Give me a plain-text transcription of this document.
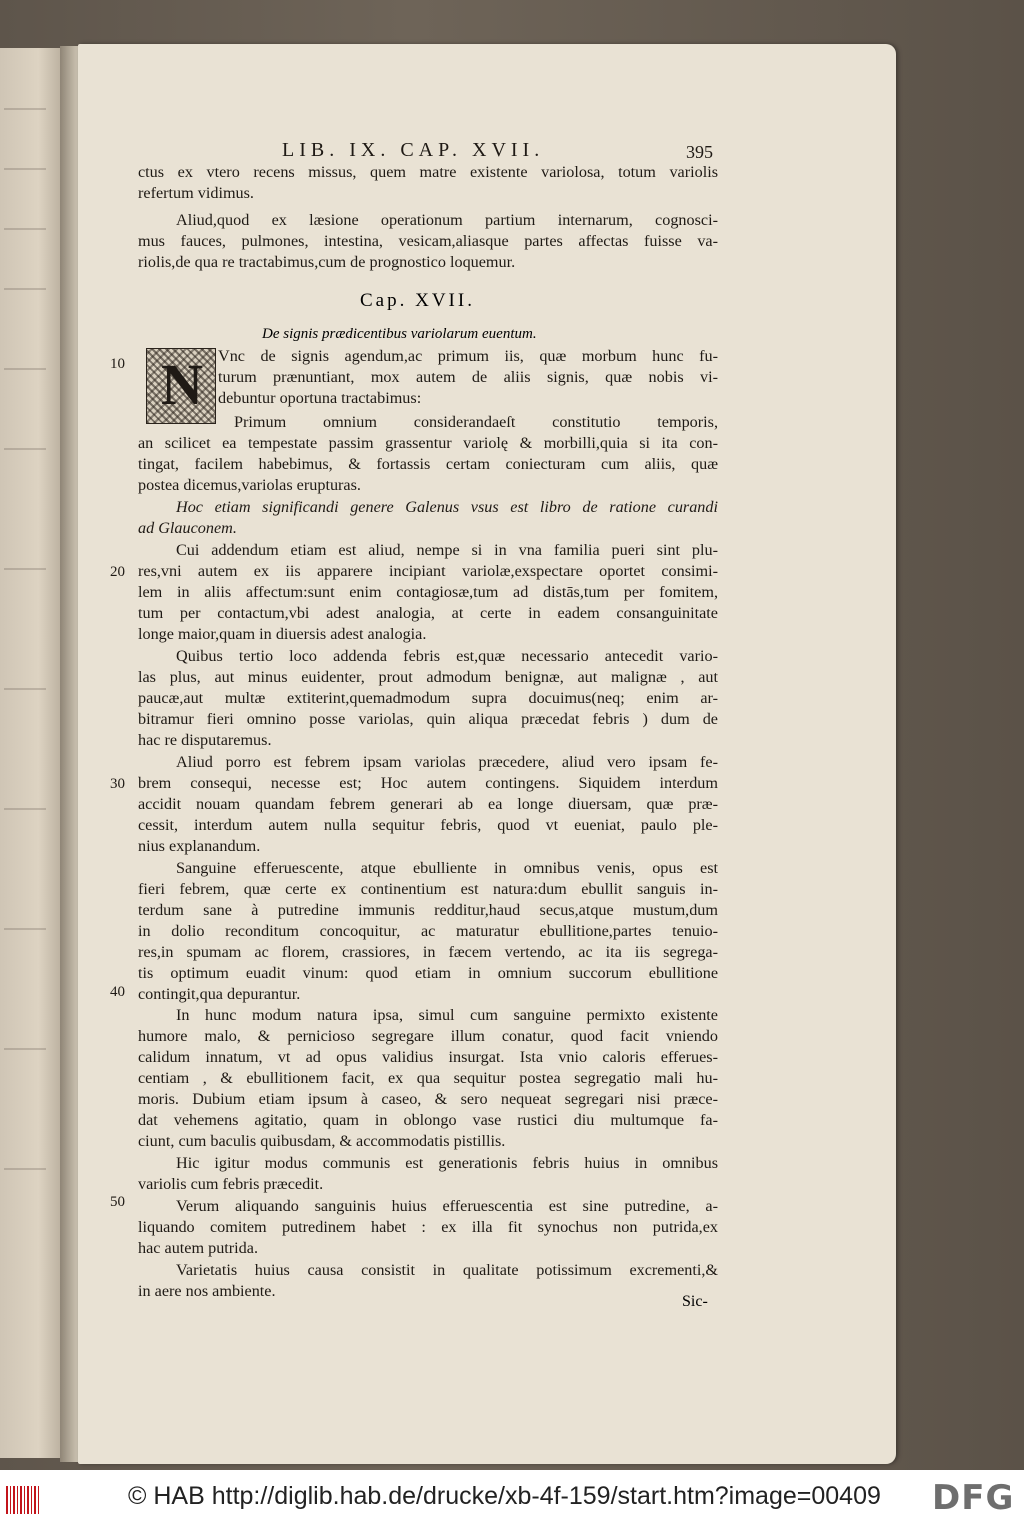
LIB. IX. CAP. XVII.	395
ctus ex vtero recens missus, quem matre existente variolosa, totum variolis
refertum vidimus.
Aliud,quod ex læsione operationum partium internarum, cognosci-
mus fauces, pulmones, intestina, vesicam,aliasque partes affectas fuisse va-
riolis,de qua re tractabimus,cum de prognostico loquemur.
Cap. XVII.
De signis prædicentibus variolarum euentum.
N Vnc de signis agendum,ac primum iis, quæ morbum hunc fu-
turum prænuntiant, mox autem de aliis signis, quæ nobis vi-
debuntur oportuna tractabimus:
Primum omnium considerandaeſt constitutio temporis,
an scilicet ea tempestate passim grassentur variolę & morbilli,quia si ita con-
tingat, facilem habebimus, & fortassis certam coniecturam cum aliis, quæ
postea dicemus,variolas erupturas.
Hoc etiam significandi genere Galenus vsus est libro de ratione curandi
ad Glauconem.
Cui addendum etiam est aliud, nempe si in vna familia pueri sint plu-
res,vni autem ex iis apparere incipiant variolæ,exspectare oportet consimi-
lem in aliis affectum:sunt enim contagiosæ,tum ad distās,tum per fomitem,
tum per contactum,vbi adest analogia, at certe in eadem consanguinitate
longe maior,quam in diuersis adest analogia.
Quibus tertio loco addenda febris est,quæ necessario antecedit vario-
las plus, aut minus euidenter, prout admodum benignæ, aut malignæ , aut
paucæ,aut multæ extiterint,quemadmodum supra docuimus(neq; enim ar-
bitramur fieri omnino posse variolas, quin aliqua præcedat febris ) dum de
hac re disputaremus.
Aliud porro est febrem ipsam variolas præcedere, aliud vero ipsam fe-
brem consequi, necesse est; Hoc autem contingens. Siquidem interdum
accidit nouam quandam febrem generari ab ea longe diuersam, quæ præ-
cessit, interdum autem nulla sequitur febris, quod vt eueniat, paulo ple-
nius explanandum.
Sanguine efferuescente, atque ebulliente in omnibus venis, opus est
fieri febrem, quæ certe ex continentium est natura:dum ebullit sanguis in-
terdum sane à putredine immunis redditur,haud secus,atque mustum,dum
in dolio reconditum concoquitur, ac maturatur ebullitione,partes tenuio-
res,in spumam ac florem, crassiores, in fæcem vertendo, ac ita iis segrega-
tis optimum euadit vinum: quod etiam in omnium succorum ebullitione
contingit,qua depurantur.
In hunc modum natura ipsa, simul cum sanguine permixto existente
humore malo, & pernicioso segregare illum conatur, quod facit vniendo
calidum innatum, vt ad opus validius insurgat. Ista vnio caloris efferues-
centiam , & ebullitionem facit, ex qua sequitur postea segregatio mali hu-
moris. Dubium etiam ipsum à caseo, & sero nequeat segregari nisi præce-
dat vehemens agitatio, quam in oblongo vase rustici diu multumque fa-
ciunt, cum baculis quibusdam, & accommodatis pistillis.
Hic igitur modus communis est generationis febris huius in omnibus
variolis cum febris præcedit.
Verum aliquando sanguinis huius efferuescentia est sine putredine, a-
liquando comitem putredinem habet : ex illa fit synochus non putrida,ex
hac autem putrida.
Varietatis huius causa consistit in qualitate potissimum excrementi,&
in aere nos ambiente.
10
20
30
40
50
Sic-
© HAB http://diglib.hab.de/drucke/xb-4f-159/start.htm?image=00409 DFG
